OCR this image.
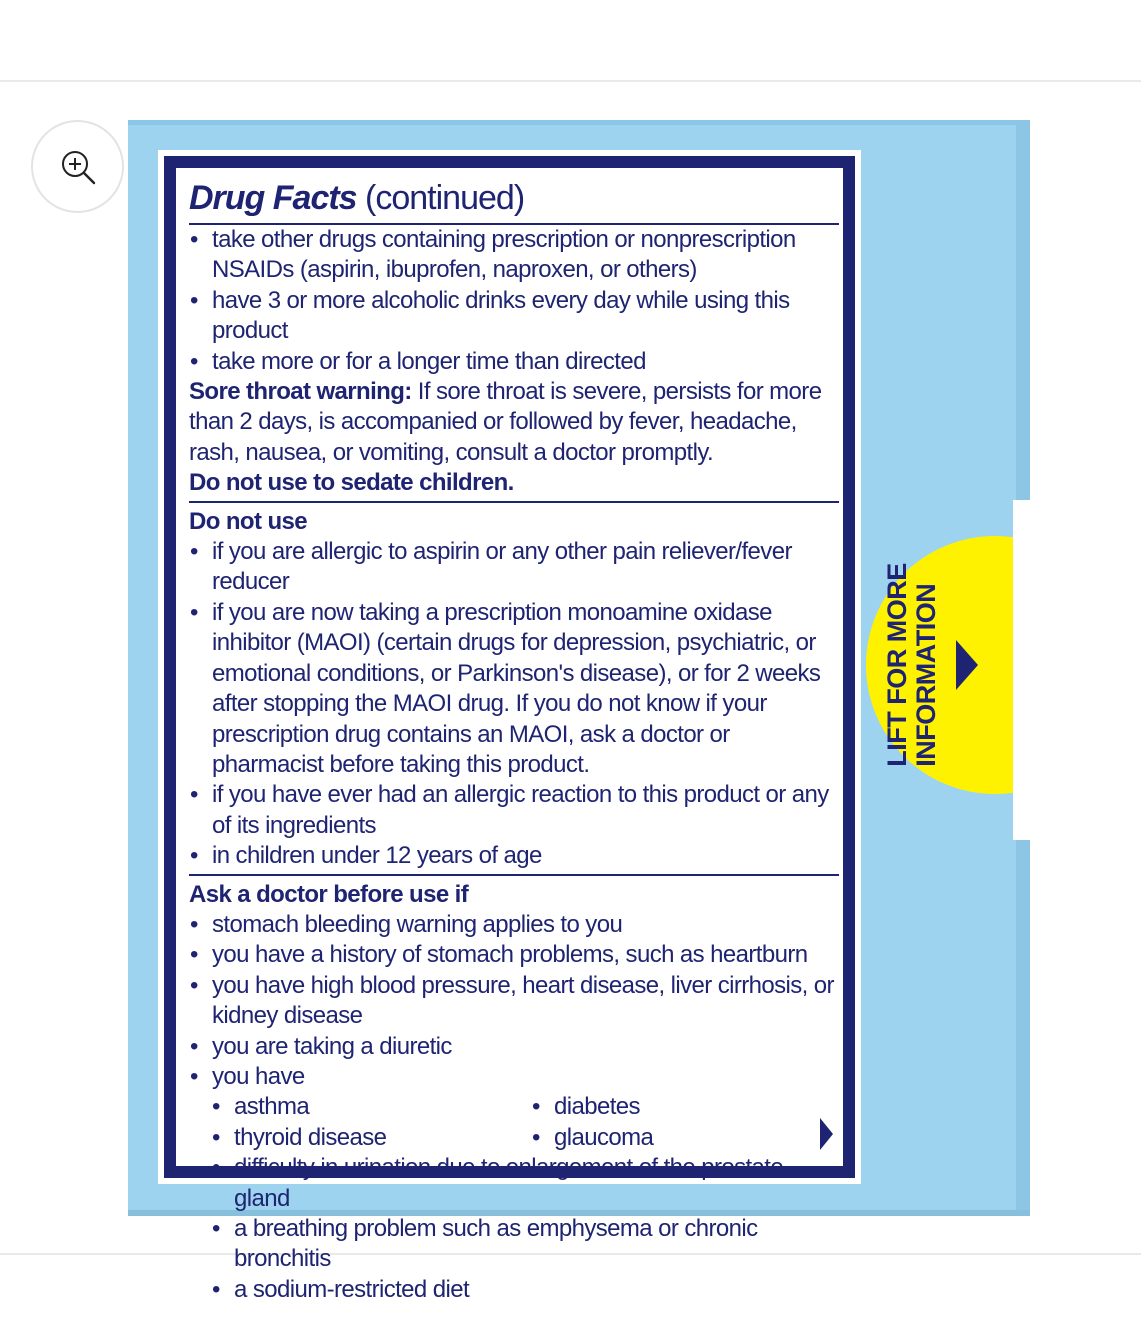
LIFT FOR MORE INFORMATION

Drug Facts (continued)

• take other drugs containing prescription or nonprescription NSAIDs (aspirin, ibuprofen, naproxen, or others)
• have 3 or more alcoholic drinks every day while using this product
• take more or for a longer time than directed

Sore throat warning: If sore throat is severe, persists for more than 2 days, is accompanied or followed by fever, headache, rash, nausea, or vomiting, consult a doctor promptly.

Do not use to sedate children.

Do not use

• if you are allergic to aspirin or any other pain reliever/fever reducer
• if you are now taking a prescription monoamine oxidase inhibitor (MAOI) (certain drugs for depression, psychiatric, or emotional conditions, or Parkinson's disease), or for 2 weeks after stopping the MAOI drug. If you do not know if your prescription drug contains an MAOI, ask a doctor or pharmacist before taking this product.
• if you have ever had an allergic reaction to this product or any of its ingredients
• in children under 12 years of age

Ask a doctor before use if

• stomach bleeding warning applies to you
• you have a history of stomach problems, such as heartburn
• you have high blood pressure, heart disease, liver cirrhosis, or kidney disease
• you are taking a diuretic
• you have
• asthma
• thyroid disease
• diabetes
• glaucoma
• difficulty in urination due to enlargement of the prostate gland
• a breathing problem such as emphysema or chronic bronchitis
• a sodium-restricted diet
